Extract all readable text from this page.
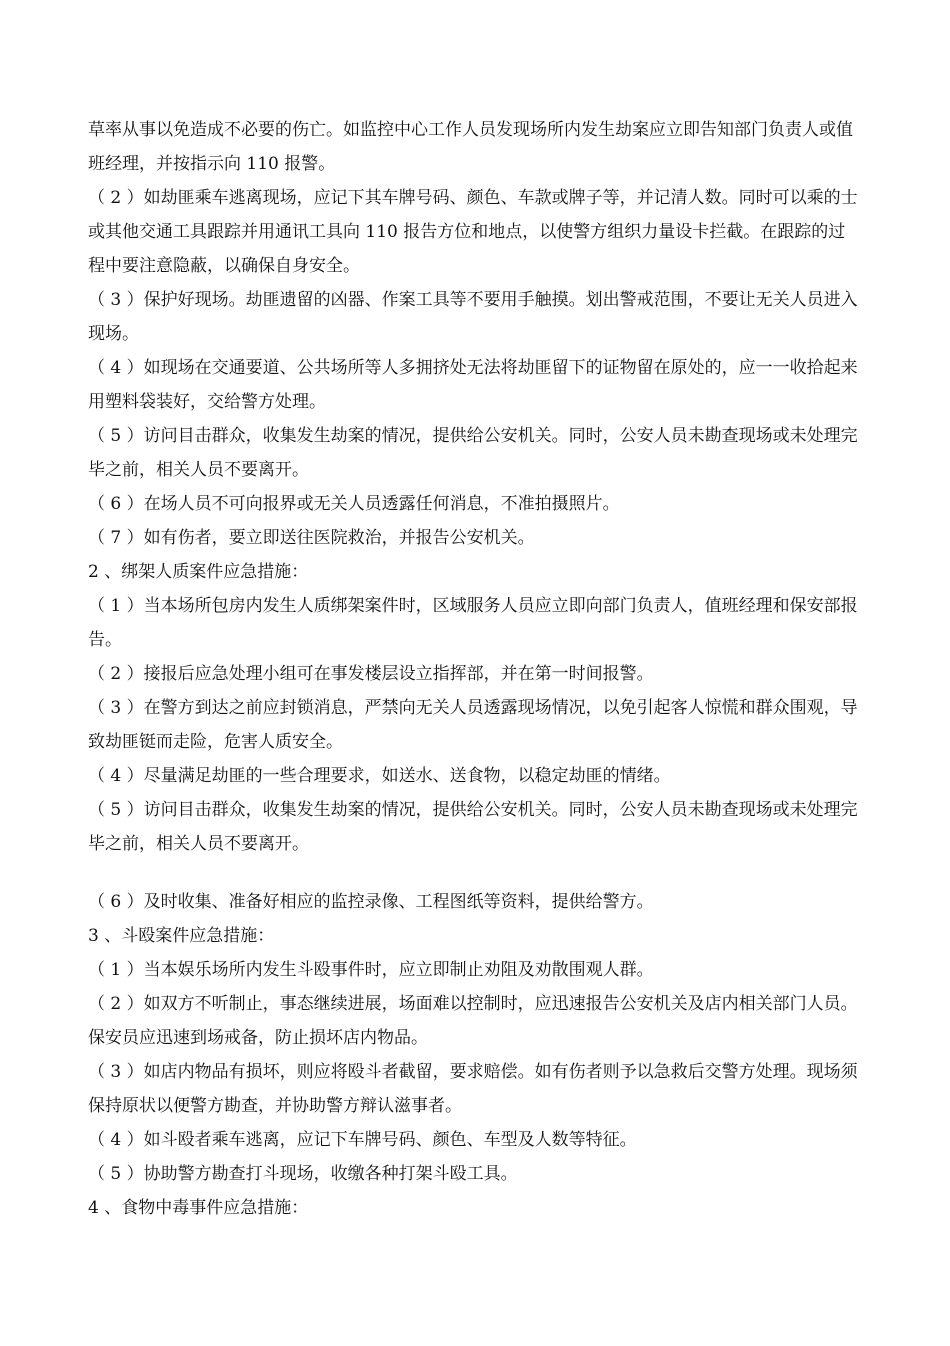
草率从事以免造成不必要的伤亡。如监控中心工作人员发现场所内发生劫案应立即告知部门负责人或值班经理，并按指示向 110 报警。

（ 2 ）如劫匪乘车逃离现场，应记下其车牌号码、颜色、车款或牌子等，并记清人数。同时可以乘的士或其他交通工具跟踪并用通讯工具向 110 报告方位和地点，以使警方组织力量设卡拦截。在跟踪的过程中要注意隐蔽，以确保自身安全。

（ 3 ）保护好现场。劫匪遗留的凶器、作案工具等不要用手触摸。划出警戒范围，不要让无关人员进入现场。

（ 4 ）如现场在交通要道、公共场所等人多拥挤处无法将劫匪留下的证物留在原处的，应一一收拾起来用塑料袋装好，交给警方处理。

（ 5 ）访问目击群众，收集发生劫案的情况，提供给公安机关。同时，公安人员未勘查现场或未处理完毕之前，相关人员不要离开。

（ 6 ）在场人员不可向报界或无关人员透露任何消息，不准拍摄照片。

（ 7 ）如有伤者，要立即送往医院救治，并报告公安机关。

2 、绑架人质案件应急措施：

（ 1 ）当本场所包房内发生人质绑架案件时，区域服务人员应立即向部门负责人，值班经理和保安部报告。

（ 2 ）接报后应急处理小组可在事发楼层设立指挥部，并在第一时间报警。

（ 3 ）在警方到达之前应封锁消息，严禁向无关人员透露现场情况，以免引起客人惊慌和群众围观，导致劫匪铤而走险，危害人质安全。

（ 4 ）尽量满足劫匪的一些合理要求，如送水、送食物，以稳定劫匪的情绪。

（ 5 ）访问目击群众，收集发生劫案的情况，提供给公安机关。同时，公安人员未勘查现场或未处理完毕之前，相关人员不要离开。

（ 6 ）及时收集、准备好相应的监控录像、工程图纸等资料，提供给警方。

3 、斗殴案件应急措施：

（ 1 ）当本娱乐场所内发生斗殴事件时，应立即制止劝阻及劝散围观人群。

（ 2 ）如双方不听制止，事态继续进展，场面难以控制时，应迅速报告公安机关及店内相关部门人员。保安员应迅速到场戒备，防止损坏店内物品。

（ 3 ）如店内物品有损坏，则应将殴斗者截留，要求赔偿。如有伤者则予以急救后交警方处理。现场须保持原状以便警方勘查，并协助警方辩认滋事者。

（ 4 ）如斗殴者乘车逃离，应记下车牌号码、颜色、车型及人数等特征。

（ 5 ）协助警方勘查打斗现场，收缴各种打架斗殴工具。

4 、食物中毒事件应急措施：
